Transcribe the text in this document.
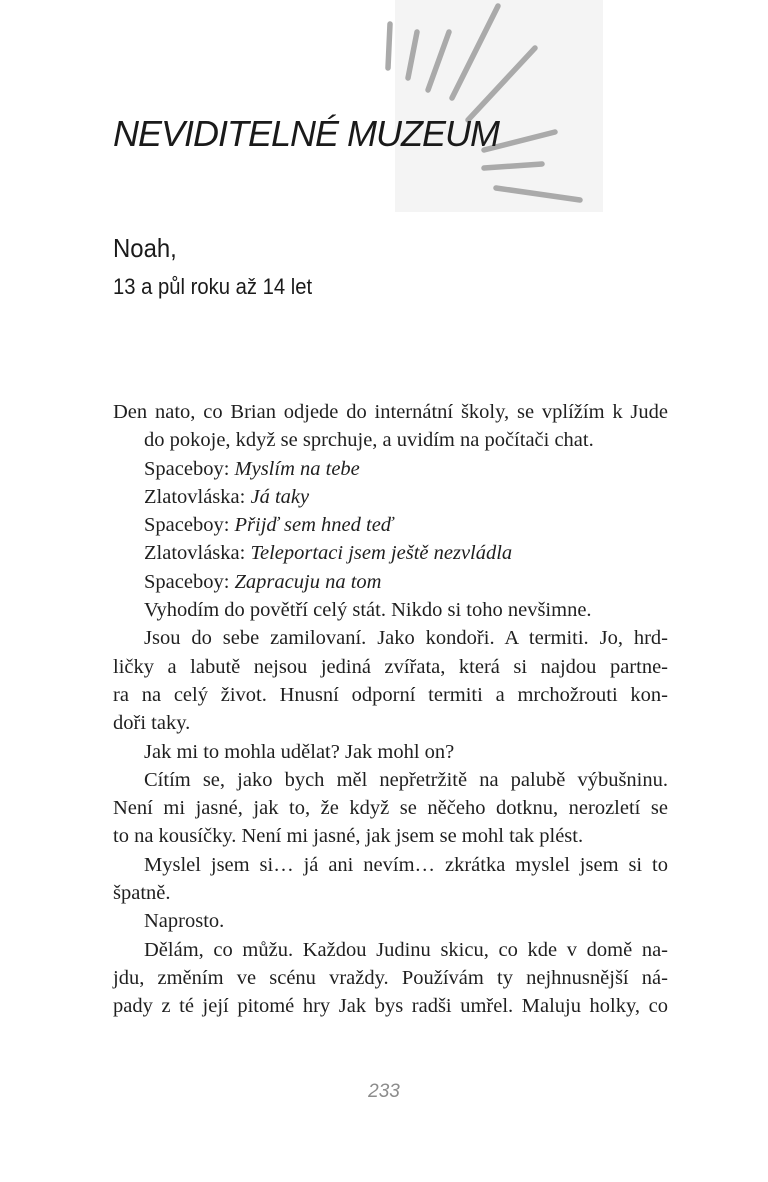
NEVIDITELNÉ MUZEUM
Noah,
13 a půl roku až 14 let
Den nato, co Brian odjede do internátní školy, se vplížím k Jude
do pokoje, když se sprchuje, a uvidím na počítači chat.
Spaceboy: Myslím na tebe
Zlatovláska: Já taky
Spaceboy: Přijď sem hned teď
Zlatovláska: Teleportaci jsem ještě nezvládla
Spaceboy: Zapracuju na tom
Vyhodím do povětří celý stát. Nikdo si toho nevšimne.
Jsou do sebe zamilovaní. Jako kondoři. A termiti. Jo, hrd-
ličky a labutě nejsou jediná zvířata, která si najdou partne-
ra na celý život. Hnusní odporní termiti a mrchožrouti kon-
doři taky.
Jak mi to mohla udělat? Jak mohl on?
Cítím se, jako bych měl nepřetržitě na palubě výbušninu.
Není mi jasné, jak to, že když se něčeho dotknu, nerozletí se
to na kousíčky. Není mi jasné, jak jsem se mohl tak plést.
Myslel jsem si… já ani nevím… zkrátka myslel jsem si to
špatně.
Naprosto.
Dělám, co můžu. Každou Judinu skicu, co kde v domě na-
jdu, změním ve scénu vraždy. Používám ty nejhnusnější ná-
pady z té její pitomé hry Jak bys radši umřel. Maluju holky, co
233
